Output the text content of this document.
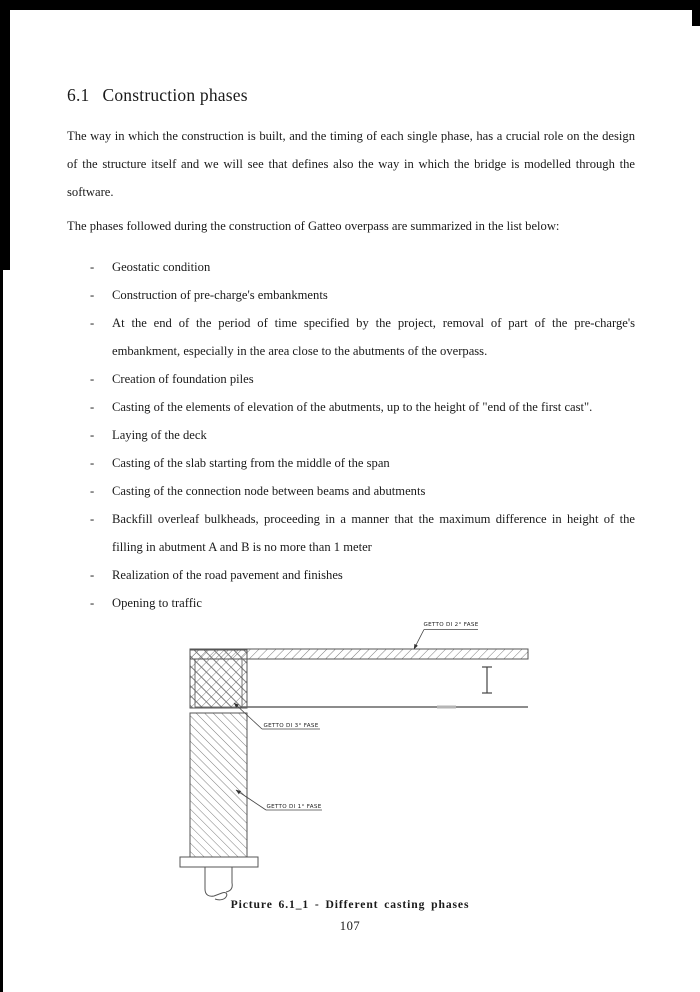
6.1 Construction phases

The way in which the construction is built, and the timing of each single phase, has a crucial role on the design of the structure itself and we will see that defines also the way in which the bridge is modelled through the software.

The phases followed during the construction of Gatteo overpass are summarized in the list below:

-	Geostatic condition
-	Construction of pre-charge's embankments
-	At the end of the period of time specified by the project, removal of part of the pre-charge's embankment, especially in the area close to the abutments of the overpass.
-	Creation of foundation piles
-	Casting of the elements of elevation of the abutments, up to the height of "end of the first cast".
-	Laying of the deck
-	Casting of the slab starting from the middle of the span
-	Casting of the connection node between beams and abutments
-	Backfill overleaf bulkheads, proceeding in a manner that the maximum difference in height of the filling in abutment A and B is no more than 1 meter
-	Realization of the road pavement and finishes
-	Opening to traffic
GETTO DI 2° FASE
GETTO DI 3° FASE
GETTO DI 1° FASE
Picture 6.1_1 - Different casting phases
107
